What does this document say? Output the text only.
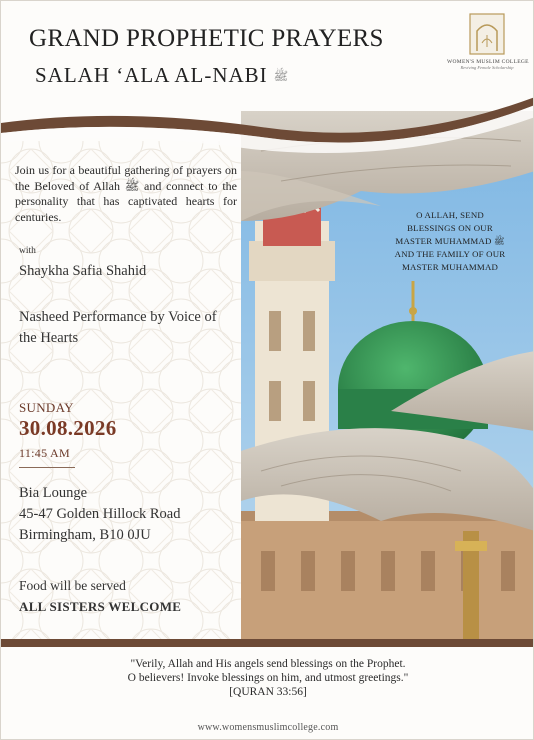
GRAND PROPHETIC PRAYERS
SALAH ‘ALA AL-NABI ﷺ
WOMEN'S MUSLIM COLLEGE
Reviving Female Scholarship

Join us for a beautiful gathering of prayers on the Beloved of Allah ﷺ and connect to the personality that has captivated hearts for centuries.

with
Shaykha Safia Shahid
Nasheed Performance by Voice of the Hearts
SUNDAY
30.08.2026
11:45 AM
Bia Lounge
45-47 Golden Hillock Road
Birmingham, B10 0JU
Food will be served
ALL SISTERS WELCOME
O ALLAH, SEND
BLESSINGS ON OUR
MASTER MUHAMMAD ﷺ
AND THE FAMILY OF OUR
MASTER MUHAMMAD
"Verily, Allah and His angels send blessings on the Prophet.
O believers! Invoke blessings on him, and utmost greetings."
[QURAN 33:56]
www.womensmuslimcollege.com
